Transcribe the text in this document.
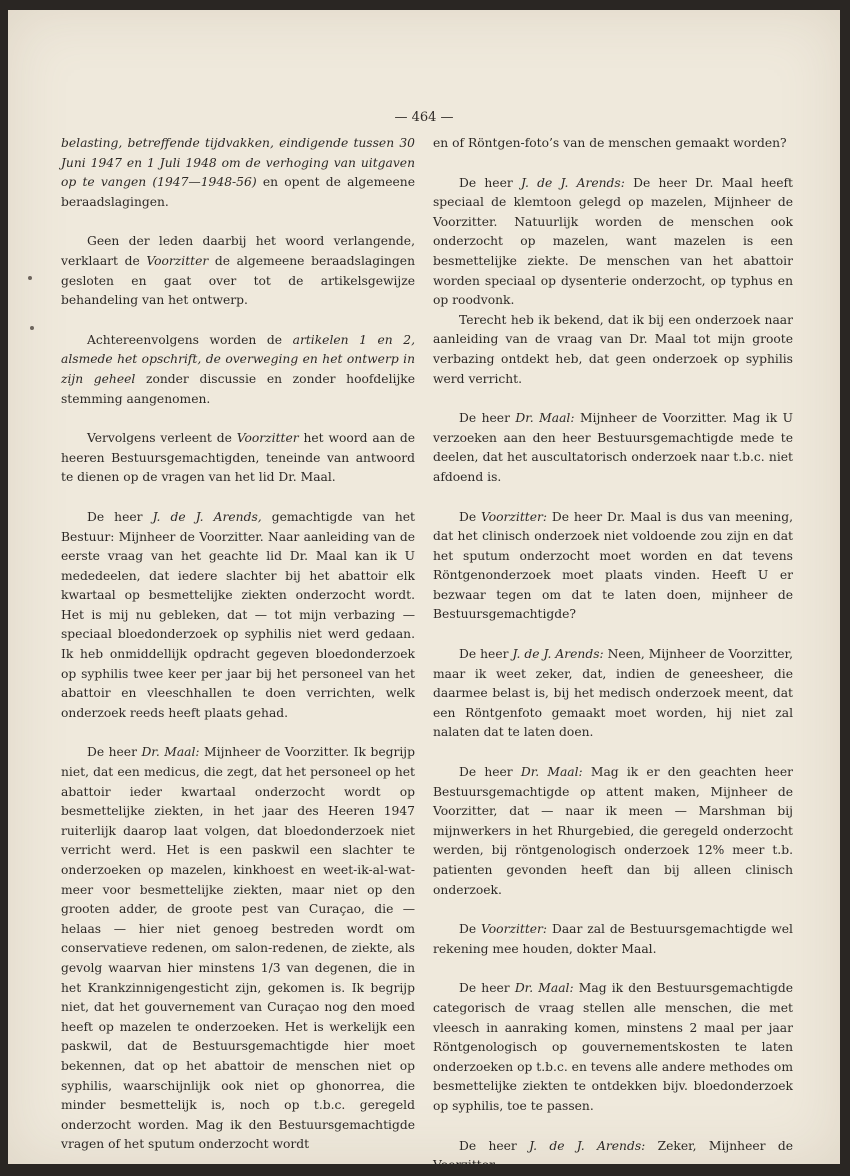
— 464 —

belasting, betreffende tijdvakken, eindigende tussen 30 Juni 1947 en 1 Juli 1948 om de verhoging van uitgaven op te vangen (1947—1948-56) en opent de algemeene beraadslagingen.

Geen der leden daarbij het woord verlangende, verklaart de Voorzitter de algemeene beraadslagingen gesloten en gaat over tot de artikelsgewijze behandeling van het ontwerp.

Achtereenvolgens worden de artikelen 1 en 2, alsmede het opschrift, de overweging en het ontwerp in zijn geheel zonder discussie en zonder hoofdelijke stemming aangenomen.

Vervolgens verleent de Voorzitter het woord aan de heeren Bestuursgemachtigden, teneinde van antwoord te dienen op de vragen van het lid Dr. Maal.

De heer J. de J. Arends, gemachtigde van het Bestuur: Mijnheer de Voorzitter. Naar aanleiding van de eerste vraag van het geachte lid Dr. Maal kan ik U mededeelen, dat iedere slachter bij het abattoir elk kwartaal op besmettelijke ziekten onderzocht wordt. Het is mij nu gebleken, dat — tot mijn verbazing — speciaal bloedonderzoek op syphilis niet werd gedaan. Ik heb onmiddellijk opdracht gegeven bloedonderzoek op syphilis twee keer per jaar bij het personeel van het abattoir en vleeschhallen te doen verrichten, welk onderzoek reeds heeft plaats gehad.

De heer Dr. Maal: Mijnheer de Voorzitter. Ik begrijp niet, dat een medicus, die zegt, dat het personeel op het abattoir ieder kwartaal onderzocht wordt op besmettelijke ziekten, in het jaar des Heeren 1947 ruiterlijk daarop laat volgen, dat bloedonderzoek niet verricht werd. Het is een paskwil een slachter te onderzoeken op mazelen, kinkhoest en weet-ik-al-wat-meer voor besmettelijke ziekten, maar niet op den grooten adder, de groote pest van Curaçao, die — helaas — hier niet genoeg bestreden wordt om conservatieve redenen, om salon-redenen, de ziekte, als gevolg waarvan hier minstens 1/3 van degenen, die in het Krankzinnigengesticht zijn, gekomen is. Ik begrijp niet, dat het gouvernement van Curaçao nog den moed heeft op mazelen te onderzoeken. Het is werkelijk een paskwil, dat de Bestuursgemachtigde hier moet bekennen, dat op het abattoir de menschen niet op syphilis, waarschijnlijk ook niet op ghonorrea, die minder besmettelijk is, noch op t.b.c. geregeld onderzocht worden. Mag ik den Bestuursgemachtigde vragen of het sputum onderzocht wordt

en of Röntgen-foto’s van de menschen gemaakt worden?

De heer J. de J. Arends: De heer Dr. Maal heeft speciaal de klemtoon gelegd op mazelen, Mijnheer de Voorzitter. Natuurlijk worden de menschen ook onderzocht op mazelen, want mazelen is een besmettelijke ziekte. De menschen van het abattoir worden speciaal op dysenterie onderzocht, op typhus en op roodvonk.

Terecht heb ik bekend, dat ik bij een onderzoek naar aanleiding van de vraag van Dr. Maal tot mijn groote verbazing ontdekt heb, dat geen onderzoek op syphilis werd verricht.

De heer Dr. Maal: Mijnheer de Voorzitter. Mag ik U verzoeken aan den heer Bestuursgemachtigde mede te deelen, dat het auscultatorisch onderzoek naar t.b.c. niet afdoend is.

De Voorzitter: De heer Dr. Maal is dus van meening, dat het clinisch onderzoek niet voldoende zou zijn en dat het sputum onderzocht moet worden en dat tevens Röntgenonderzoek moet plaats vinden. Heeft U er bezwaar tegen om dat te laten doen, mijnheer de Bestuursgemachtigde?

De heer J. de J. Arends: Neen, Mijnheer de Voorzitter, maar ik weet zeker, dat, indien de geneesheer, die daarmee belast is, bij het medisch onderzoek meent, dat een Röntgenfoto gemaakt moet worden, hij niet zal nalaten dat te laten doen.

De heer Dr. Maal: Mag ik er den geachten heer Bestuursgemachtigde op attent maken, Mijnheer de Voorzitter, dat — naar ik meen — Marshman bij mijnwerkers in het Rhurgebied, die geregeld onderzocht werden, bij röntgenologisch onderzoek 12% meer t.b. patienten gevonden heeft dan bij alleen clinisch onderzoek.

De Voorzitter: Daar zal de Bestuursgemachtigde wel rekening mee houden, dokter Maal.

De heer Dr. Maal: Mag ik den Bestuursgemachtigde categorisch de vraag stellen alle menschen, die met vleesch in aanraking komen, minstens 2 maal per jaar Röntgenologisch op gouvernementskosten te laten onderzoeken op t.b.c. en tevens alle andere methodes om besmettelijke ziekten te ontdekken bijv. bloedonderzoek op syphilis, toe te passen.

De heer J. de J. Arends: Zeker, Mijnheer de Voorzitter.
